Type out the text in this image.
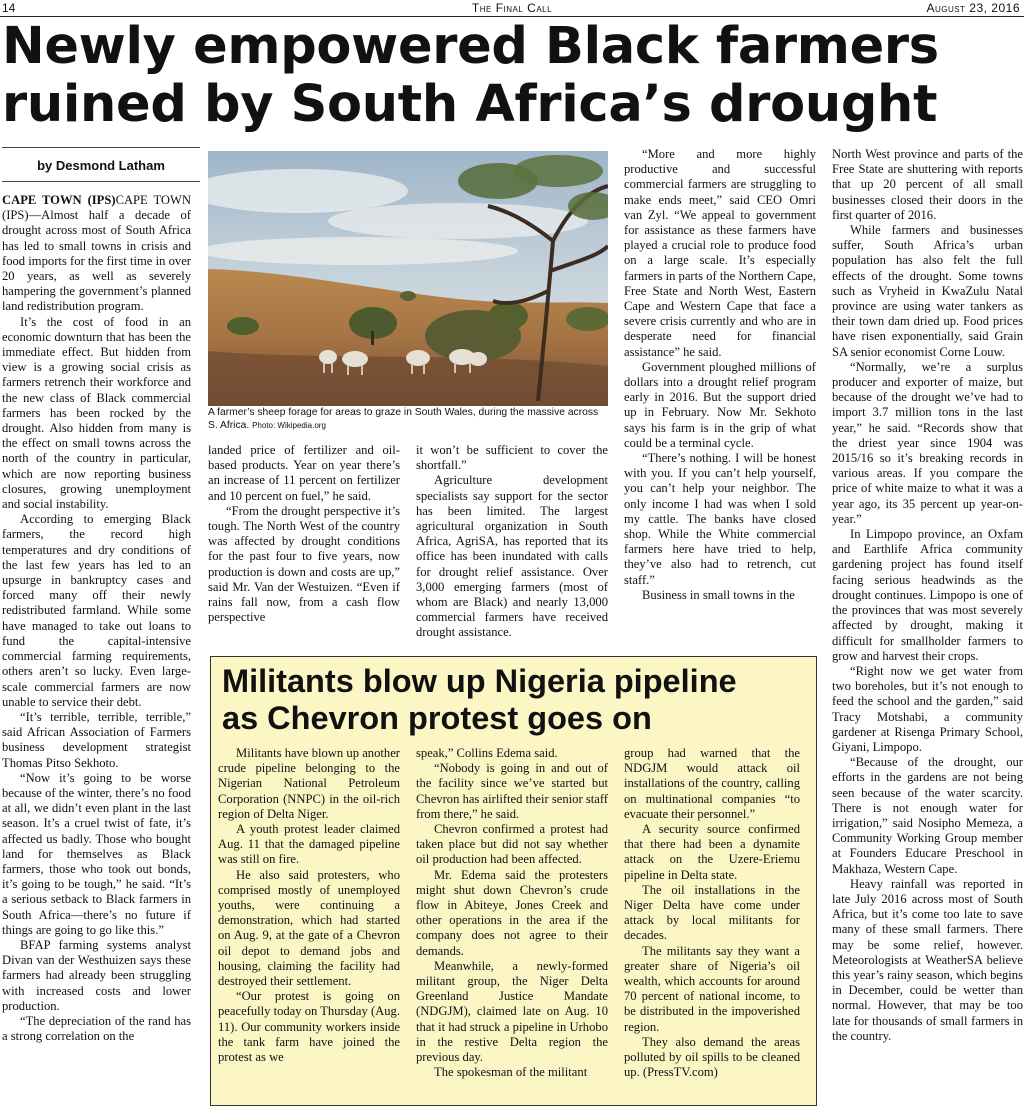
The Final Call
14	August 23, 2016
Newly empowered Black farmers
ruined by South Africa’s drought
by Desmond Latham

CAPE TOWN (IPS)CAPE TOWN (IPS)—Almost half a decade of drought across most of South Africa has led to small towns in crisis and food imports for the first time in over 20 years, as well as severely hampering the government’s planned land redistribution program.

It’s the cost of food in an economic downturn that has been the immediate effect. But hidden from view is a growing social crisis as farmers retrench their workforce and the new class of Black commercial farmers has been rocked by the drought. Also hidden from many is the effect on small towns across the north of the country in particular, which are now reporting business closures, growing unemployment and social instability.

According to emerging Black farmers, the record high temperatures and dry conditions of the last few years has led to an upsurge in bankruptcy cases and forced many off their newly redistributed farmland. While some have managed to take out loans to fund the capital-intensive commercial farming requirements, others aren’t so lucky. Even large-scale commercial farmers are now unable to service their debt.

“It’s terrible, terrible, terrible,” said African Association of Farmers business development strategist Thomas Pitso Sekhoto.

“Now it’s going to be worse because of the winter, there’s no food at all, we didn’t even plant in the last season. It’s a cruel twist of fate, it’s affected us badly. Those who bought land for themselves as Black farmers, those who took out bonds, it’s going to be tough,” he said. “It’s a serious setback to Black farmers in South Africa—there’s no future if things are going to go like this.”

BFAP farming systems analyst Divan van der Westhuizen says these farmers had already been struggling with increased costs and lower production.

“The depreciation of the rand has a strong correlation on the

A farmer’s sheep forage for areas to graze in South Wales, during the massive across S. Africa. Photo: Wikipedia.org

landed price of fertilizer and oil-based products. Year on year there’s an increase of 11 percent on fertilizer and 10 percent on fuel,” he said.

“From the drought perspective it’s tough. The North West of the country was affected by drought conditions for the past four to five years, now production is down and costs are up,” said Mr. Van der Westuizen. “Even if rains fall now, from a cash flow perspective

it won’t be sufficient to cover the shortfall.”

Agriculture development specialists say support for the sector has been limited. The largest agricultural organization in South Africa, AgriSA, has reported that its office has been inundated with calls for drought relief assistance. Over 3,000 emerging farmers (most of whom are Black) and nearly 13,000 commercial farmers have received drought assistance.

“More and more highly productive and successful commercial farmers are struggling to make ends meet,” said CEO Omri van Zyl. “We appeal to government for assistance as these farmers have played a crucial role to produce food on a large scale. It’s especially farmers in parts of the Northern Cape, Free State and North West, Eastern Cape and Western Cape that face a severe crisis currently and who are in desperate need for financial assistance” he said.

Government ploughed millions of dollars into a drought relief program early in 2016. But the support dried up in February. Now Mr. Sekhoto says his farm is in the grip of what could be a terminal cycle.

“There’s nothing. I will be honest with you. If you can’t help yourself, you can’t help your neighbor. The only income I had was when I sold my cattle. The banks have closed shop. While the White commercial farmers here have tried to help, they’ve also had to retrench, cut staff.”

Business in small towns in the

North West province and parts of the Free State are shuttering with reports that up 20 percent of all small businesses closed their doors in the first quarter of 2016.

While farmers and businesses suffer, South Africa’s urban population has also felt the full effects of the drought. Some towns such as Vryheid in KwaZulu Natal province are using water tankers as their town dam dried up. Food prices have risen exponentially, said Grain SA senior economist Corne Louw.

“Normally, we’re a surplus producer and exporter of maize, but because of the drought we’ve had to import 3.7 million tons in the last year,” he said. “Records show that the driest year since 1904 was 2015/16 so it’s breaking records in various areas. If you compare the price of white maize to what it was a year ago, its 35 percent up year-on-year.”

In Limpopo province, an Oxfam and Earthlife Africa community gardening project has found itself facing serious headwinds as the drought continues. Limpopo is one of the provinces that was most severely affected by drought, making it difficult for smallholder farmers to grow and harvest their crops.

“Right now we get water from two boreholes, but it’s not enough to feed the school and the garden,” said Tracy Motshabi, a community gardener at Risenga Primary School, Giyani, Limpopo.

“Because of the drought, our efforts in the gardens are not being seen because of the water scarcity. There is not enough water for irrigation,” said Nosipho Memeza, a Community Working Group member at Founders Educare Preschool in Makhaza, Western Cape.

Heavy rainfall was reported in late July 2016 across most of South Africa, but it’s come too late to save many of these small farmers. There may be some relief, however. Meteorologists at WeatherSA believe this year’s rainy season, which begins in December, could be wetter than normal. However, that may be too late for thousands of small farmers in the country.

Militants blow up Nigeria pipeline
as Chevron protest goes on

Militants have blown up another crude pipeline belonging to the Nigerian National Petroleum Corporation (NNPC) in the oil-rich region of Delta Niger.

A youth protest leader claimed Aug. 11 that the damaged pipeline was still on fire.

He also said protesters, who comprised mostly of unemployed youths, were continuing a demonstration, which had started on Aug. 9, at the gate of a Chevron oil depot to demand jobs and housing, claiming the facility had destroyed their settlement.

“Our protest is going on peacefully today on Thursday (Aug. 11). Our community workers inside the tank farm have joined the protest as we

speak,” Collins Edema said.

“Nobody is going in and out of the facility since we’ve started but Chevron has airlifted their senior staff from there,” he said.

Chevron confirmed a protest had taken place but did not say whether oil production had been affected.

Mr. Edema said the protesters might shut down Chevron’s crude flow in Abiteye, Jones Creek and other operations in the area if the company does not agree to their demands.

Meanwhile, a newly-formed militant group, the Niger Delta Greenland Justice Mandate (NDGJM), claimed late on Aug. 10 that it had struck a pipeline in Urhobo in the restive Delta region the previous day.

The spokesman of the militant

group had warned that the NDGJM would attack oil installations of the country, calling on multinational companies “to evacuate their personnel.”

A security source confirmed that there had been a dynamite attack on the Uzere-Eriemu pipeline in Delta state.

The oil installations in the Niger Delta have come under attack by local militants for decades.

The militants say they want a greater share of Nigeria’s oil wealth, which accounts for around 70 percent of national income, to be distributed in the impoverished region.

They also demand the areas polluted by oil spills to be cleaned up. (PressTV.com)
